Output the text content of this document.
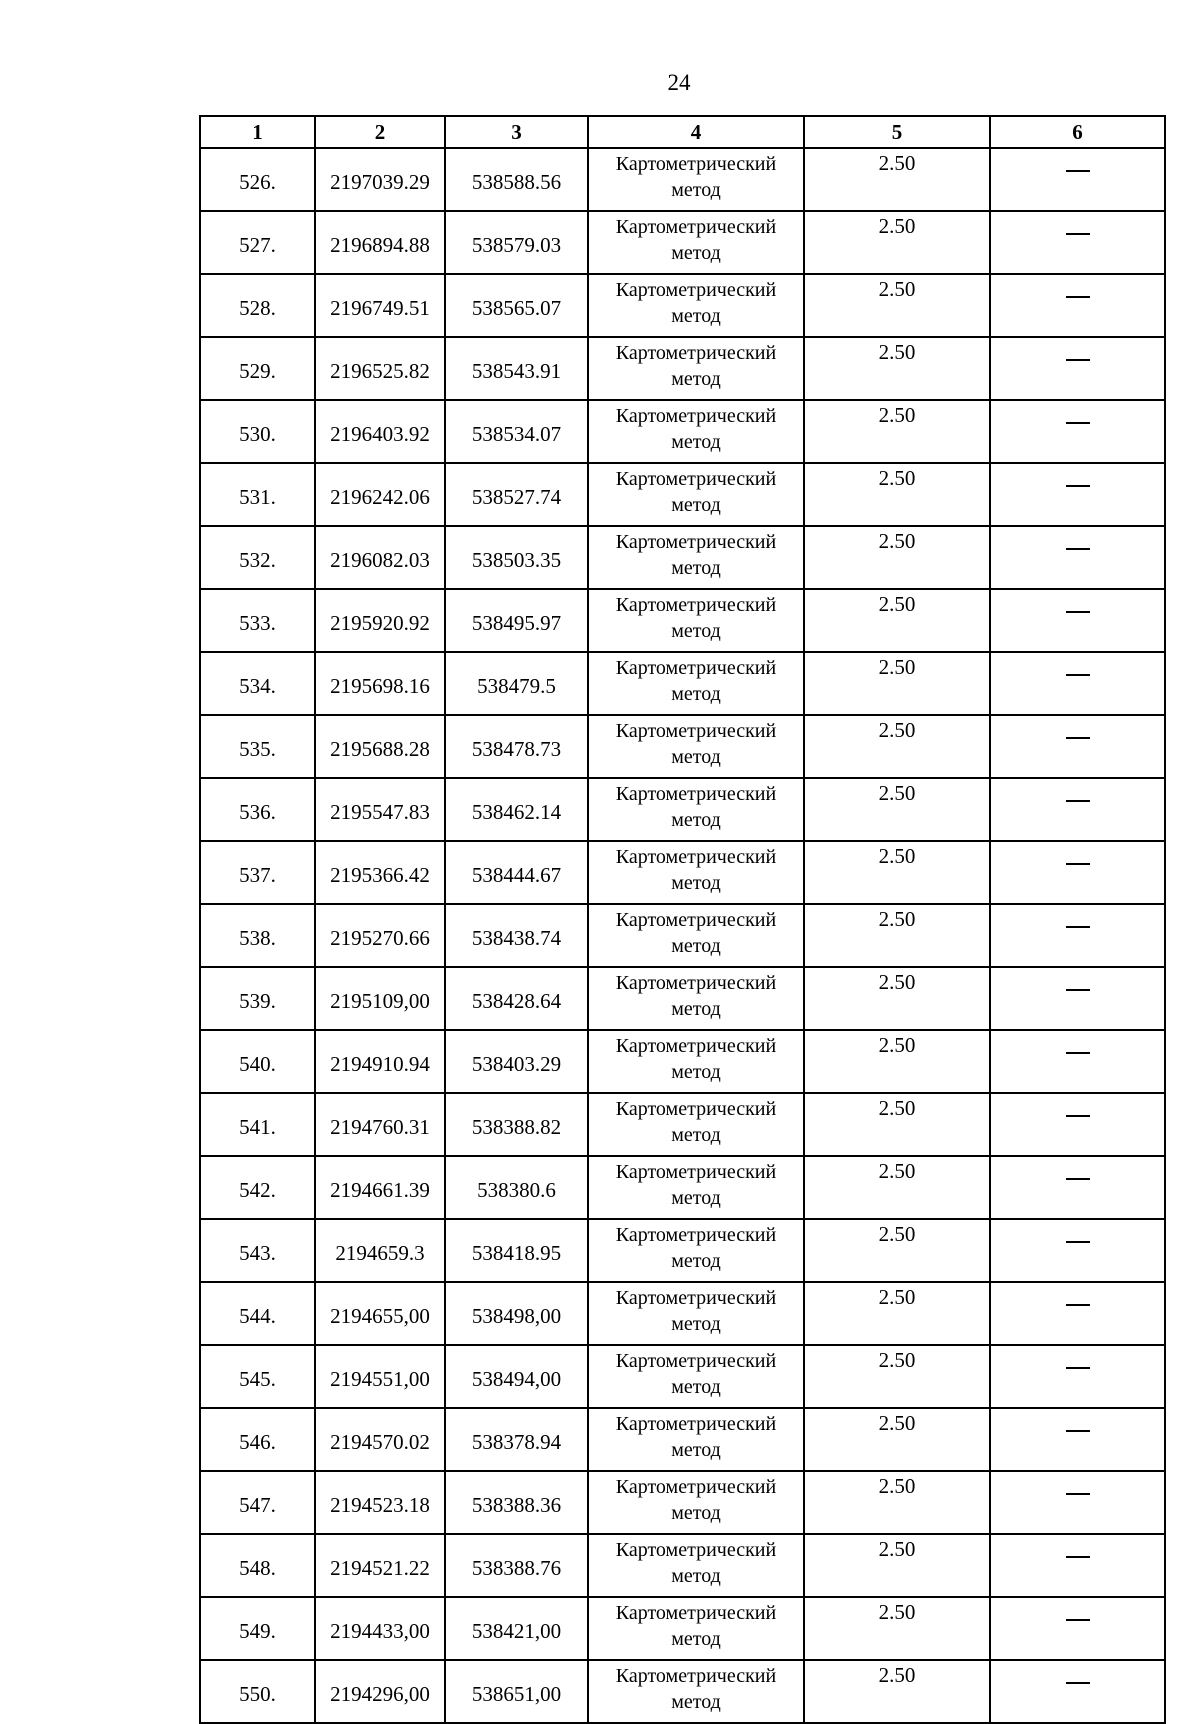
24
1	2	3	4	5	6
526.	2197039.29	538588.56	Картометрический метод	2.50	
527.	2196894.88	538579.03	Картометрический метод	2.50	
528.	2196749.51	538565.07	Картометрический метод	2.50	
529.	2196525.82	538543.91	Картометрический метод	2.50	
530.	2196403.92	538534.07	Картометрический метод	2.50	
531.	2196242.06	538527.74	Картометрический метод	2.50	
532.	2196082.03	538503.35	Картометрический метод	2.50	
533.	2195920.92	538495.97	Картометрический метод	2.50	
534.	2195698.16	538479.5	Картометрический метод	2.50	
535.	2195688.28	538478.73	Картометрический метод	2.50	
536.	2195547.83	538462.14	Картометрический метод	2.50	
537.	2195366.42	538444.67	Картометрический метод	2.50	
538.	2195270.66	538438.74	Картометрический метод	2.50	
539.	2195109,00	538428.64	Картометрический метод	2.50	
540.	2194910.94	538403.29	Картометрический метод	2.50	
541.	2194760.31	538388.82	Картометрический метод	2.50	
542.	2194661.39	538380.6	Картометрический метод	2.50	
543.	2194659.3	538418.95	Картометрический метод	2.50	
544.	2194655,00	538498,00	Картометрический метод	2.50	
545.	2194551,00	538494,00	Картометрический метод	2.50	
546.	2194570.02	538378.94	Картометрический метод	2.50	
547.	2194523.18	538388.36	Картометрический метод	2.50	
548.	2194521.22	538388.76	Картометрический метод	2.50	
549.	2194433,00	538421,00	Картометрический метод	2.50	
550.	2194296,00	538651,00	Картометрический метод	2.50	
